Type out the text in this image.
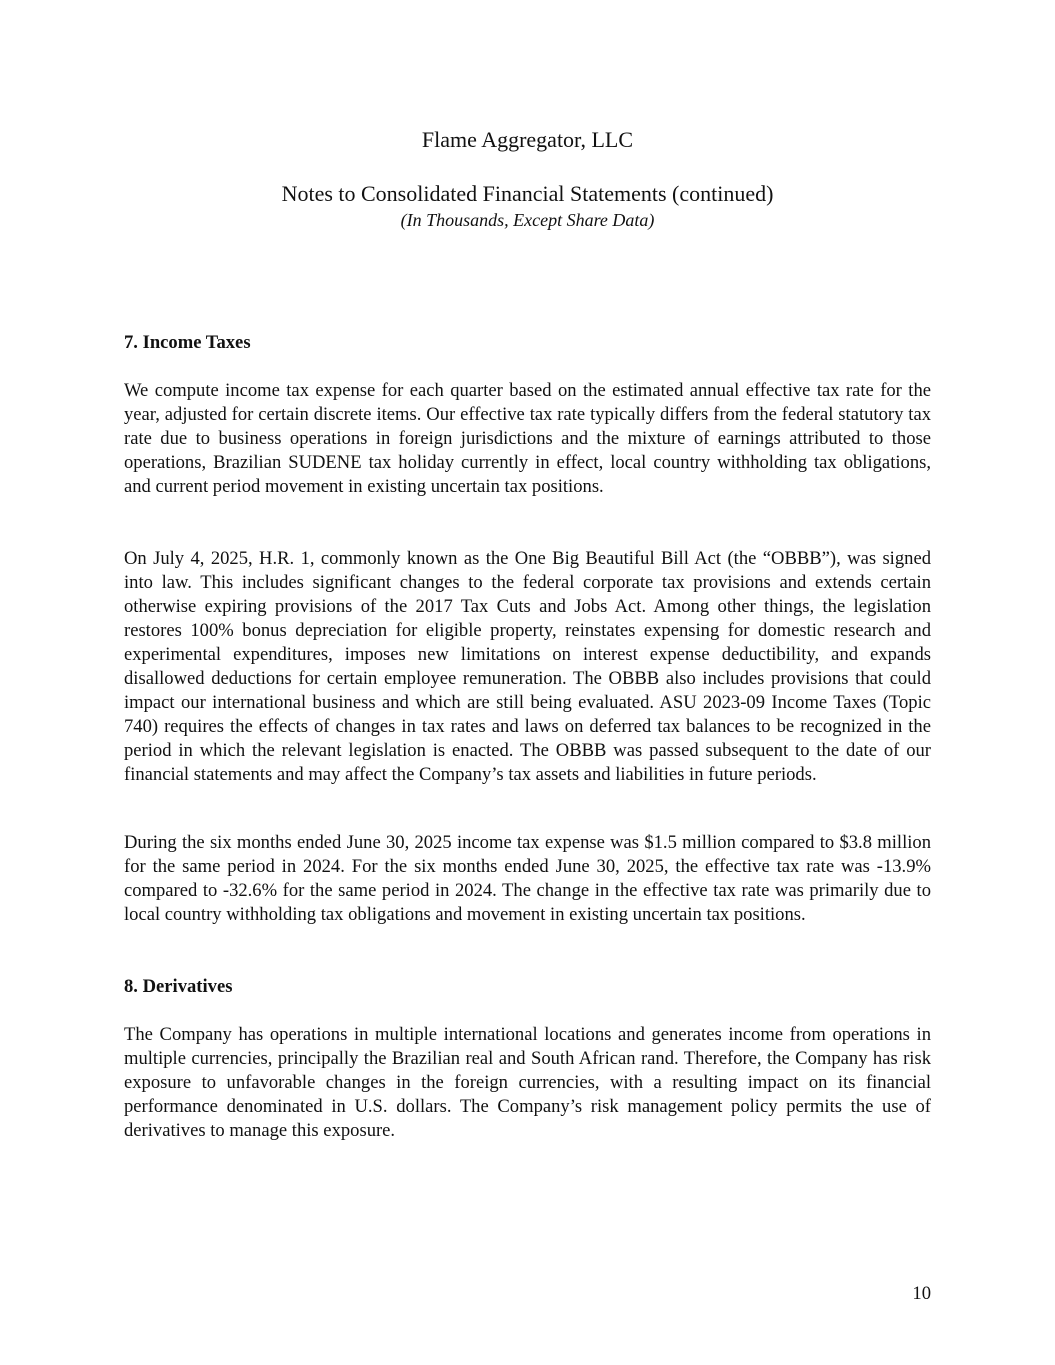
Flame Aggregator, LLC
Notes to Consolidated Financial Statements (continued)
(In Thousands, Except Share Data)
7. Income Taxes
We compute income tax expense for each quarter based on the estimated annual effective tax rate for the year, adjusted for certain discrete items. Our effective tax rate typically differs from the federal statutory tax rate due to business operations in foreign jurisdictions and the mixture of earnings attributed to those operations, Brazilian SUDENE tax holiday currently in effect, local country withholding tax obligations, and current period movement in existing uncertain tax positions.
On July 4, 2025, H.R. 1, commonly known as the One Big Beautiful Bill Act (the “OBBB”), was signed into law. This includes significant changes to the federal corporate tax provisions and extends certain otherwise expiring provisions of the 2017 Tax Cuts and Jobs Act. Among other things, the legislation restores 100% bonus depreciation for eligible property, reinstates expensing for domestic research and experimental expenditures, imposes new limitations on interest expense deductibility, and expands disallowed deductions for certain employee remuneration. The OBBB also includes provisions that could impact our international business and which are still being evaluated. ASU 2023-09 Income Taxes (Topic 740) requires the effects of changes in tax rates and laws on deferred tax balances to be recognized in the period in which the relevant legislation is enacted. The OBBB was passed subsequent to the date of our financial statements and may affect the Company’s tax assets and liabilities in future periods.
During the six months ended June 30, 2025 income tax expense was $1.5 million compared to $3.8 million for the same period in 2024. For the six months ended June 30, 2025, the effective tax rate was -13.9% compared to -32.6% for the same period in 2024. The change in the effective tax rate was primarily due to local country withholding tax obligations and movement in existing uncertain tax positions.
8. Derivatives
The Company has operations in multiple international locations and generates income from operations in multiple currencies, principally the Brazilian real and South African rand. Therefore, the Company has risk exposure to unfavorable changes in the foreign currencies, with a resulting impact on its financial performance denominated in U.S. dollars. The Company’s risk management policy permits the use of derivatives to manage this exposure.
10
